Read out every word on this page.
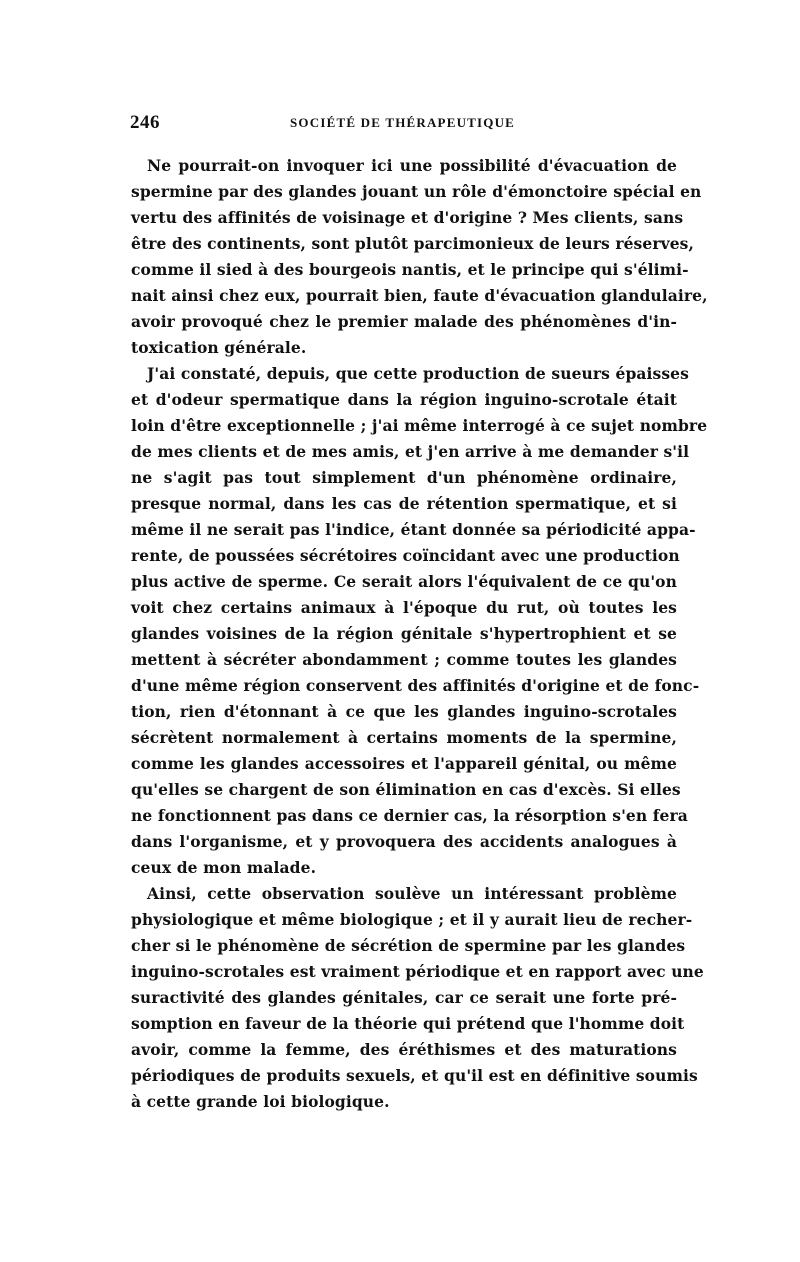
246	SOCIÉTÉ DE THÉRAPEUTIQUE
Ne pourrait-on invoquer ici une possibilité d'évacuation de
spermine par des glandes jouant un rôle d'émonctoire spécial en
vertu des affinités de voisinage et d'origine ? Mes clients, sans
être des continents, sont plutôt parcimonieux de leurs réserves,
comme il sied à des bourgeois nantis, et le principe qui s'élimi-
nait ainsi chez eux, pourrait bien, faute d'évacuation glandulaire,
avoir provoqué chez le premier malade des phénomènes d'in-
toxication générale.
J'ai constaté, depuis, que cette production de sueurs épaisses
et d'odeur spermatique dans la région inguino-scrotale était
loin d'être exceptionnelle ; j'ai même interrogé à ce sujet nombre
de mes clients et de mes amis, et j'en arrive à me demander s'il
ne s'agit pas tout simplement d'un phénomène ordinaire,
presque normal, dans les cas de rétention spermatique, et si
même il ne serait pas l'indice, étant donnée sa périodicité appa-
rente, de poussées sécrétoires coïncidant avec une production
plus active de sperme. Ce serait alors l'équivalent de ce qu'on
voit chez certains animaux à l'époque du rut, où toutes les
glandes voisines de la région génitale s'hypertrophient et se
mettent à sécréter abondamment ; comme toutes les glandes
d'une même région conservent des affinités d'origine et de fonc-
tion, rien d'étonnant à ce que les glandes inguino-scrotales
sécrètent normalement à certains moments de la spermine,
comme les glandes accessoires et l'appareil génital, ou même
qu'elles se chargent de son élimination en cas d'excès. Si elles
ne fonctionnent pas dans ce dernier cas, la résorption s'en fera
dans l'organisme, et y provoquera des accidents analogues à
ceux de mon malade.
Ainsi, cette observation soulève un intéressant problème
physiologique et même biologique ; et il y aurait lieu de recher-
cher si le phénomène de sécrétion de spermine par les glandes
inguino-scrotales est vraiment périodique et en rapport avec une
suractivité des glandes génitales, car ce serait une forte pré-
somption en faveur de la théorie qui prétend que l'homme doit
avoir, comme la femme, des éréthismes et des maturations
périodiques de produits sexuels, et qu'il est en définitive soumis
à cette grande loi biologique.
